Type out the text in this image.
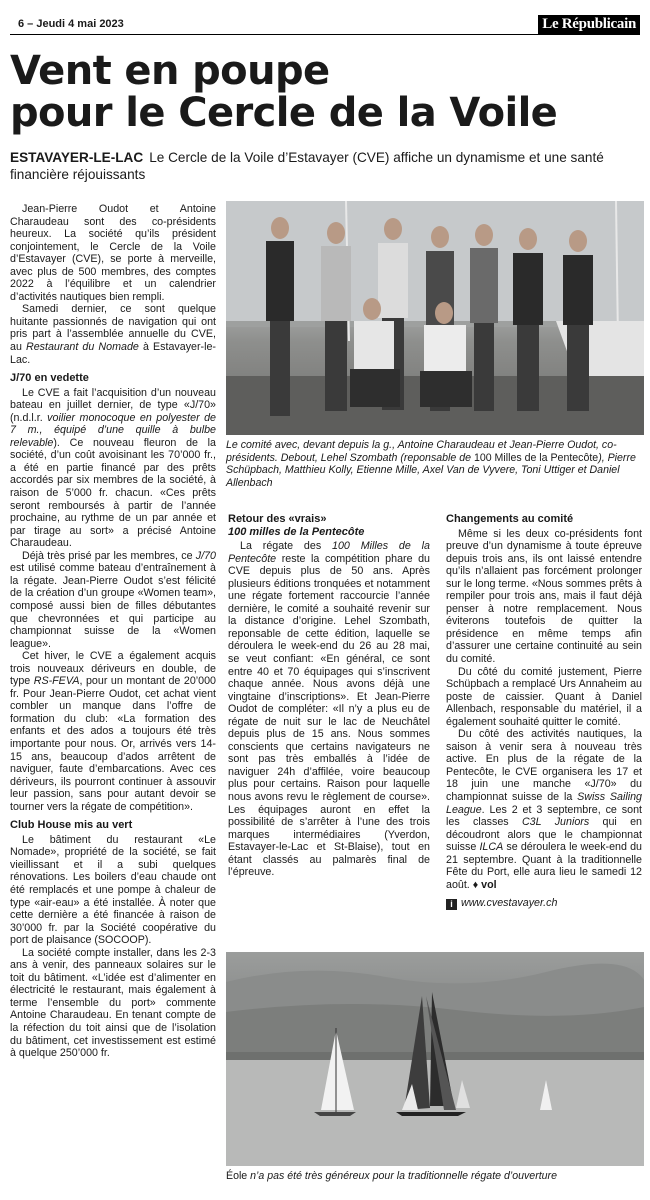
6 – Jeudi 4 mai 2023	Le Républicain
Vent en poupe
pour le Cercle de la Voile
ESTAVAYER-LE-LAC Le Cercle de la Voile d’Estavayer (CVE) affiche un dynamisme et une santé financière réjouissants

Jean-Pierre Oudot et Antoine Charaudeau sont des co-présidents heureux. La société qu’ils président conjointement, le Cercle de la Voile d’Estavayer (CVE), se porte à merveille, avec plus de 500 membres, des comptes 2022 à l’équilibre et un calendrier d’activités nautiques bien rempli.

Samedi dernier, ce sont quelque huitante passionnés de navigation qui ont pris part à l’assemblée annuelle du CVE, au Restaurant du Nomade à Estavayer-le-Lac.

J/70 en vedette

Le CVE a fait l’acquisition d’un nouveau bateau en juillet dernier, de type «J/70» (n.d.l.r. voilier monocoque en polyester de 7 m., équipé d’une quille à bulbe relevable). Ce nouveau fleuron de la société, d’un coût avoisinant les 70’000 fr., a été en partie financé par des prêts accordés par six membres de la société, à raison de 5’000 fr. chacun. «Ces prêts seront remboursés à partir de l’année prochaine, au rythme de un par année et par tirage au sort» a précisé Antoine Charaudeau.

Déjà très prisé par les membres, ce J/70 est utilisé comme bateau d’entraînement à la régate. Jean-Pierre Oudot s’est félicité de la création d’un groupe «Women team», composé aussi bien de filles débutantes que chevronnées et qui participe au championnat suisse de la «Women league».

Cet hiver, le CVE a également acquis trois nouveaux dériveurs en double, de type RS-FEVA, pour un montant de 20’000 fr. Pour Jean-Pierre Oudot, cet achat vient combler un manque dans l’offre de formation du club: «La formation des enfants et des ados a toujours été très importante pour nous. Or, arrivés vers 14-15 ans, beaucoup d’ados arrêtent de naviguer, faute d’embarcations. Avec ces dériveurs, ils pourront continuer à assouvir leur passion, sans pour autant devoir se tourner vers la régate de compétition».

Club House mis au vert

Le bâtiment du restaurant «Le Nomade», propriété de la société, se fait vieillissant et il a subi quelques rénovations. Les boilers d’eau chaude ont été remplacés et une pompe à chaleur de type «air-eau» a été installée. À noter que cette dernière a été financée à raison de 30’000 fr. par la Société coopérative du port de plaisance (SOCOOP).

La société compte installer, dans les 2-3 ans à venir, des panneaux solaires sur le toit du bâtiment. «L’idée est d’alimenter en électricité le restaurant, mais également à terme l’ensemble du port» commente Antoine Charaudeau. En tenant compte de la réfection du toit ainsi que de l’isolation du bâtiment, cet investissement est estimé à quelque 250’000 fr.

Le comité avec, devant depuis la g., Antoine Charaudeau et Jean-Pierre Oudot, co-présidents. Debout, Lehel Szombath (reponsable de 100 Milles de la Pentecôte), Pierre Schüpbach, Matthieu Kolly, Etienne Mille, Axel Van de Vyvere, Toni Uttiger et Daniel Allenbach
Retour des «vrais»
100 milles de la Pentecôte

La régate des 100 Milles de la Pentecôte reste la compétition phare du CVE depuis plus de 50 ans. Après plusieurs éditions tronquées et notamment une régate fortement raccourcie l’année dernière, le comité a souhaité revenir sur la distance d’origine. Lehel Szombath, reponsable de cette édition, laquelle se déroulera le week-end du 26 au 28 mai, se veut confiant: «En général, ce sont entre 40 et 70 équipages qui s’inscrivent chaque année. Nous avons déjà une vingtaine d’inscriptions». Et Jean-Pierre Oudot de compléter: «Il n’y a plus eu de régate de nuit sur le lac de Neuchâtel depuis plus de 15 ans. Nous sommes conscients que certains navigateurs ne sont pas très emballés à l’idée de naviguer 24h d’affilée, voire beaucoup plus pour certains. Raison pour laquelle nous avons revu le règlement de course». Les équipages auront en effet la possibilité de s’arrêter à l’une des trois marques intermédiaires (Yverdon, Estavayer-le-Lac et St-Blaise), tout en étant classés au palmarès final de l’épreuve.

Changements au comité

Même si les deux co-présidents font preuve d’un dynamisme à toute épreuve depuis trois ans, ils ont laissé entendre qu’ils n’allaient pas forcément prolonger sur le long terme. «Nous sommes prêts à rempiler pour trois ans, mais il faut déjà penser à notre remplacement. Nous éviterons toutefois de quitter la présidence en même temps afin d’assurer une certaine continuité au sein du comité.

Du côté du comité justement, Pierre Schüpbach a remplacé Urs Annaheim au poste de caissier. Quant à Daniel Allenbach, responsable du matériel, il a également souhaité quitter le comité.

Du côté des activités nautiques, la saison à venir sera à nouveau très active. En plus de la régate de la Pentecôte, le CVE organisera les 17 et 18 juin une manche «J/70» du championnat suisse de la Swiss Sailing League. Les 2 et 3 septembre, ce sont les classes C3L Juniors qui en découdront alors que le championnat suisse ILCA se déroulera le week-end du 21 septembre. Quant à la traditionnelle Fête du Port, elle aura lieu le samedi 12 août. ♦ vol

i www.cvestavayer.ch
Éole n’a pas été très généreux pour la traditionnelle régate d’ouverture
